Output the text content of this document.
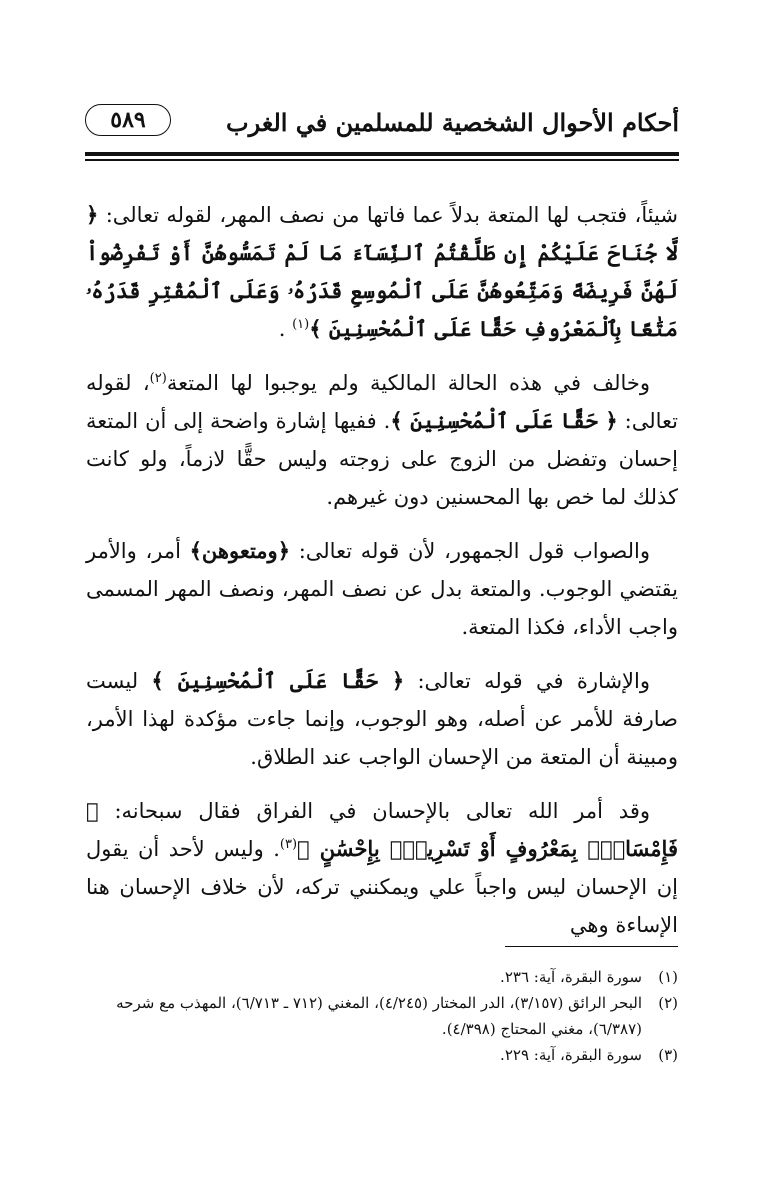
أحكام الأحوال الشخصية للمسلمين في الغرب
٥٨٩

شيئاً، فتجب لها المتعة بدلاً عما فاتها من نصف المهر، لقوله تعالى: ﴿ لَّا جُنَاحَ عَلَيْكُمْ إِن طَلَّقْتُمُ ٱلنِّسَآءَ مَا لَمْ تَمَسُّوهُنَّ أَوْ تَفْرِضُواْ لَهُنَّ فَرِيضَةً وَمَتِّعُوهُنَّ عَلَى ٱلْمُوسِعِ قَدَرُهُۥ وَعَلَى ٱلْمُقْتِرِ قَدَرُهُۥ مَتَٰعًا بِٱلْمَعْرُوفِ حَقًّا عَلَى ٱلْمُحْسِنِينَ ﴾$^{(١)}$ .

وخالف في هذه الحالة المالكية ولم يوجبوا لها المتعة$^{(٢)}$، لقوله تعالى: ﴿ حَقًّا عَلَى ٱلْمُحْسِنِينَ ﴾. ففيها إشارة واضحة إلى أن المتعة إحسان وتفضل من الزوج على زوجته وليس حقًّا لازماً، ولو كانت كذلك لما خص بها المحسنين دون غيرهم.

والصواب قول الجمهور، لأن قوله تعالى: ﴿ومتعوهن﴾ أمر، والأمر يقتضي الوجوب. والمتعة بدل عن نصف المهر، ونصف المهر المسمى واجب الأداء، فكذا المتعة.

والإشارة في قوله تعالى: ﴿ حَقًّا عَلَى ٱلْمُحْسِنِينَ ﴾ ليست صارفة للأمر عن أصله، وهو الوجوب، وإنما جاءت مؤكدة لهذا الأمر، ومبينة أن المتعة من الإحسان الواجب عند الطلاق.

وقد أمر الله تعالى بالإحسان في الفراق فقال سبحانه: ﴿ فَإِمْسَاكٌۢ بِمَعْرُوفٍ أَوْ تَسْرِيحٌۢ بِإِحْسَٰنٍ ﴾$^{(٣)}$. وليس لأحد أن يقول إن الإحسان ليس واجباً علي ويمكنني تركه، لأن خلاف الإحسان هنا الإساءة وهي

(١)
سورة البقرة، آية: ٢٣٦.
(٢)
البحر الرائق (٣/١٥٧)، الدر المختار (٤/٢٤٥)، المغني (٧١٢ ـ ٦/٧١٣)، المهذب مع شرحه (٦/٣٨٧)، مغني المحتاج (٤/٣٩٨).
(٣)
سورة البقرة، آية: ٢٢٩.
